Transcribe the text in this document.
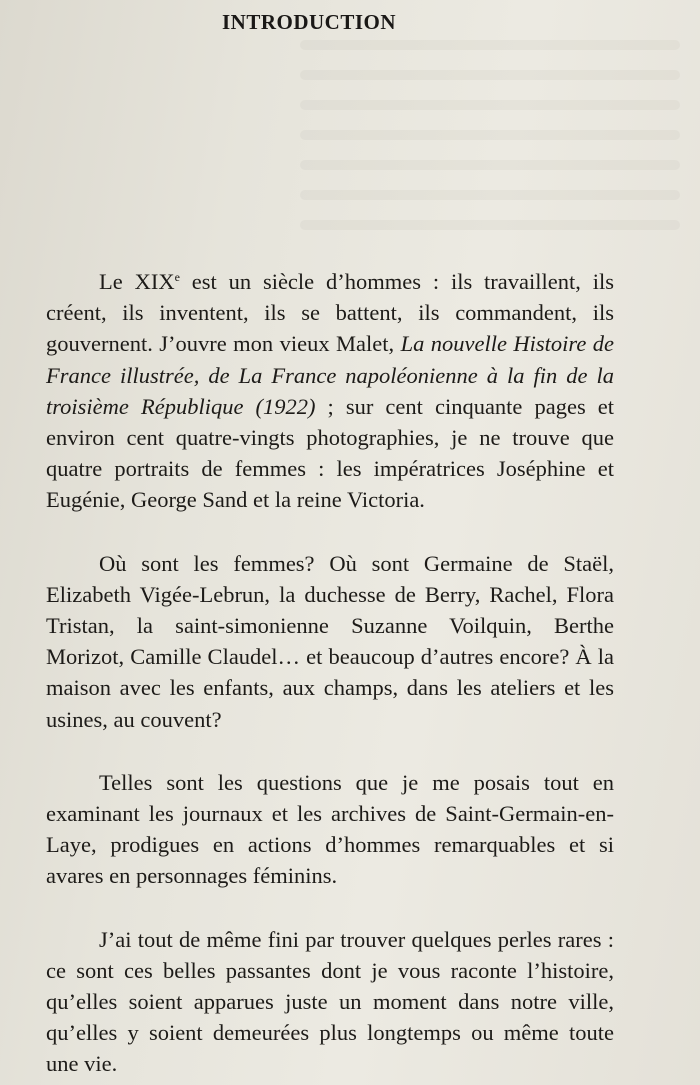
INTRODUCTION

Le XIXe est un siècle d’hommes : ils travaillent, ils créent, ils inventent, ils se battent, ils commandent, ils gouvernent. J’ouvre mon vieux Malet, La nouvelle Histoire de France illustrée, de La France napoléonienne à la fin de la troisième République (1922) ; sur cent cinquante pages et environ cent quatre-vingts photographies, je ne trouve que quatre portraits de femmes : les impératrices Joséphine et Eugénie, George Sand et la reine Victoria.

Où sont les femmes? Où sont Germaine de Staël, Elizabeth Vigée-Lebrun, la duchesse de Berry, Rachel, Flora Tristan, la saint-simonienne Suzanne Voilquin, Berthe Morizot, Camille Claudel… et beaucoup d’autres encore? À la maison avec les enfants, aux champs, dans les ateliers et les usines, au couvent?

Telles sont les questions que je me posais tout en examinant les journaux et les archives de Saint-Germain-en-Laye, prodigues en actions d’hommes remarquables et si avares en personnages féminins.

J’ai tout de même fini par trouver quelques perles rares : ce sont ces belles passantes dont je vous raconte l’histoire, qu’elles soient apparues juste un moment dans notre ville, qu’elles y soient demeurées plus longtemps ou même toute une vie.
